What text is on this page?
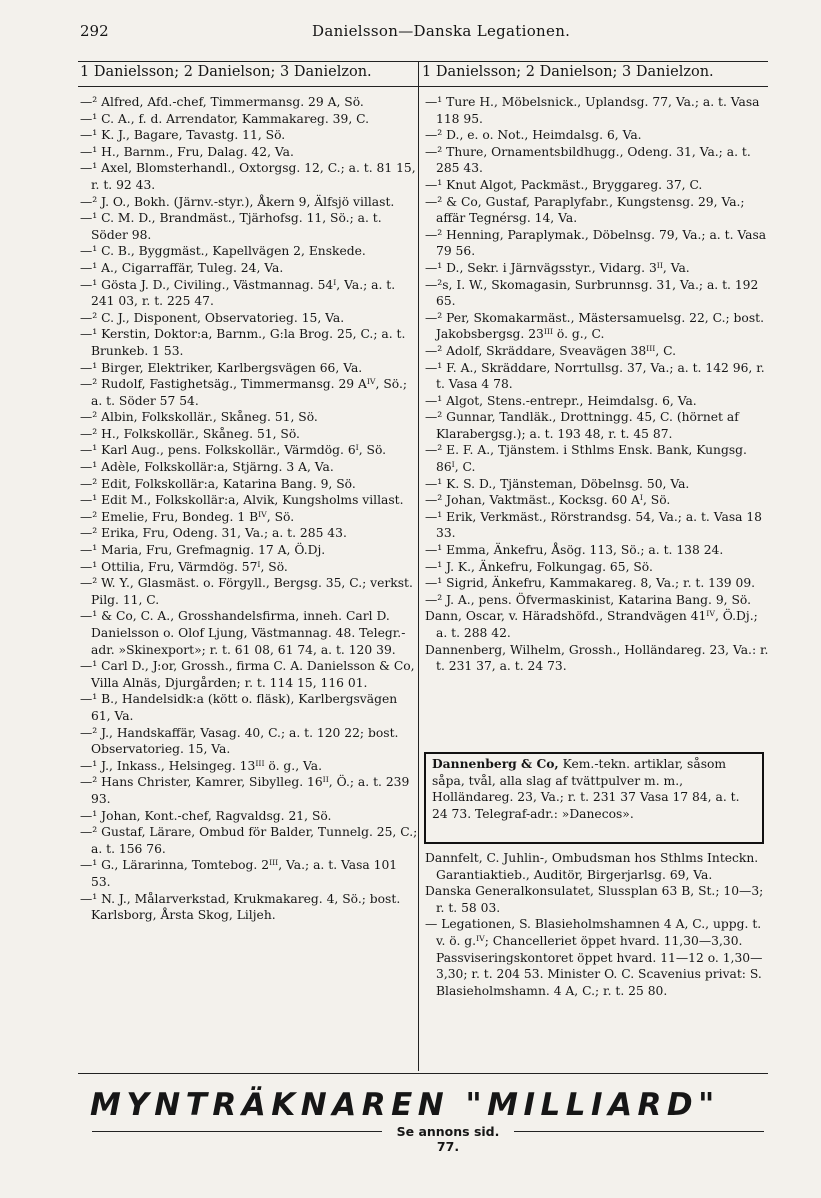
292	Danielsson—Danska Legationen.
1 Danielsson; 2 Danielson; 3 Danielzon.	1 Danielsson; 2 Danielson; 3 Danielzon.
—² Alfred, Afd.-chef, Timmermansg. 29 A, Sö.
—¹ C. A., f. d. Arrendator, Kammakareg. 39, C.
—¹ K. J., Bagare, Tavastg. 11, Sö.
—¹ H., Barnm., Fru, Dalag. 42, Va.
—¹ Axel, Blomsterhandl., Oxtorgsg. 12, C.; a. t. 81 15, r. t. 92 43.
—² J. O., Bokh. (Järnv.-styr.), Åkern 9, Älfsjö villast.
—¹ C. M. D., Brandmäst., Tjärhofsg. 11, Sö.; a. t. Söder 98.
—¹ C. B., Byggmäst., Kapellvägen 2, Enskede.
—¹ A., Cigarraffär, Tuleg. 24, Va.
—¹ Gösta J. D., Civiling., Västmannag. 54ᴵ, Va.; a. t. 241 03, r. t. 225 47.
—² C. J., Disponent, Observatorieg. 15, Va.
—¹ Kerstin, Doktor:a, Barnm., G:la Brog. 25, C.; a. t. Brunkeb. 1 53.
—¹ Birger, Elektriker, Karlbergsvägen 66, Va.
—² Rudolf, Fastighetsäg., Timmermansg. 29 Aᴵⱽ, Sö.; a. t. Söder 57 54.
—² Albin, Folkskollär., Skåneg. 51, Sö.
—² H., Folkskollär., Skåneg. 51, Sö.
—¹ Karl Aug., pens. Folkskollär., Värmdög. 6ᴵ, Sö.
—¹ Adèle, Folkskollär:a, Stjärng. 3 A, Va.
—² Edit, Folkskollär:a, Katarina Bang. 9, Sö.
—¹ Edit M., Folkskollär:a, Alvik, Kungsholms villast.
—² Emelie, Fru, Bondeg. 1 Bᴵⱽ, Sö.
—² Erika, Fru, Odeng. 31, Va.; a. t. 285 43.
—¹ Maria, Fru, Grefmagnig. 17 A, Ö.Dj.
—¹ Ottilia, Fru, Värmdög. 57ᴵ, Sö.
—² W. Y., Glasmäst. o. Förgyll., Bergsg. 35, C.; verkst. Pilg. 11, C.
—¹ & Co, C. A., Grosshandelsfirma, inneh. Carl D. Danielsson o. Olof Ljung, Västmannag. 48. Telegr.-adr. »Skinexport»; r. t. 61 08, 61 74, a. t. 120 39.
—¹ Carl D., J:or, Grossh., firma C. A. Danielsson & Co, Villa Alnäs, Djurgården; r. t. 114 15, 116 01.
—¹ B., Handelsidk:a (kött o. fläsk), Karlbergsvägen 61, Va.
—² J., Handskaffär, Vasag. 40, C.; a. t. 120 22; bost. Observatorieg. 15, Va.
—¹ J., Inkass., Helsingeg. 13ᴵᴵᴵ ö. g., Va.
—² Hans Christer, Kamrer, Sibylleg. 16ᴵᴵ, Ö.; a. t. 239 93.
—¹ Johan, Kont.-chef, Ragvaldsg. 21, Sö.
—² Gustaf, Lärare, Ombud för Balder, Tunnelg. 25, C.; a. t. 156 76.
—¹ G., Lärarinna, Tomtebog. 2ᴵᴵᴵ, Va.; a. t. Vasa 101 53.
—¹ N. J., Målarverkstad, Krukmakareg. 4, Sö.; bost. Karlsborg, Årsta Skog, Liljeh.
—¹ Ture H., Möbelsnick., Uplandsg. 77, Va.; a. t. Vasa 118 95.
—² D., e. o. Not., Heimdalsg. 6, Va.
—² Thure, Ornamentsbildhugg., Odeng. 31, Va.; a. t. 285 43.
—¹ Knut Algot, Packmäst., Bryggareg. 37, C.
—² & Co, Gustaf, Paraplyfabr., Kungstensg. 29, Va.; affär Tegnérsg. 14, Va.
—² Henning, Paraplymak., Döbelnsg. 79, Va.; a. t. Vasa 79 56.
—¹ D., Sekr. i Järnvägsstyr., Vidarg. 3ᴵᴵ, Va.
—²s, I. W., Skomagasin, Surbrunnsg. 31, Va.; a. t. 192 65.
—² Per, Skomakarmäst., Mästersamuelsg. 22, C.; bost. Jakobsbergsg. 23ᴵᴵᴵ ö. g., C.
—² Adolf, Skräddare, Sveavägen 38ᴵᴵᴵ, C.
—¹ F. A., Skräddare, Norrtullsg. 37, Va.; a. t. 142 96, r. t. Vasa 4 78.
—¹ Algot, Stens.-entrepr., Heimdalsg. 6, Va.
—² Gunnar, Tandläk., Drottningg. 45, C. (hörnet af Klarabergsg.); a. t. 193 48, r. t. 45 87.
—² E. F. A., Tjänstem. i Sthlms Ensk. Bank, Kungsg. 86ᴵ, C.
—¹ K. S. D., Tjänsteman, Döbelnsg. 50, Va.
—² Johan, Vaktmäst., Kocksg. 60 Aᴵ, Sö.
—¹ Erik, Verkmäst., Rörstrandsg. 54, Va.; a. t. Vasa 18 33.
—¹ Emma, Änkefru, Åsög. 113, Sö.; a. t. 138 24.
—¹ J. K., Änkefru, Folkungag. 65, Sö.
—¹ Sigrid, Änkefru, Kammakareg. 8, Va.; r. t. 139 09.
—² J. A., pens. Öfvermaskinist, Katarina Bang. 9, Sö.
Dann, Oscar, v. Häradshöfd., Strandvägen 41ᴵⱽ, Ö.Dj.; a. t. 288 42.
Dannenberg, Wilhelm, Grossh., Holländareg. 23, Va.: r. t. 231 37, a. t. 24 73.
Dannenberg & Co, Kem.-tekn. artiklar, såsom såpa, tvål, alla slag af tvättpulver m. m., Holländareg. 23, Va.; r. t. 231 37 Vasa 17 84, a. t. 24 73. Telegraf-adr.: »Danecos».
Dannfelt, C. Juhlin-, Ombudsman hos Sthlms Inteckn. Garantiaktieb., Auditör, Birgerjarlsg. 69, Va.
Danska Generalkonsulatet, Slussplan 63 B, St.; 10—3; r. t. 58 03.
— Legationen, S. Blasieholmshamnen 4 A, C., uppg. t. v. ö. g.ᴵⱽ; Chancelleriet öppet hvard. 11,30—3,30. Passviseringskontoret öppet hvard. 11—12 o. 1,30—3,30; r. t. 204 53. Minister O. C. Scavenius privat: S. Blasieholmshamn. 4 A, C.; r. t. 25 80.
MYNTRÄKNAREN "MILLIARD"
Se annons sid. 77.
